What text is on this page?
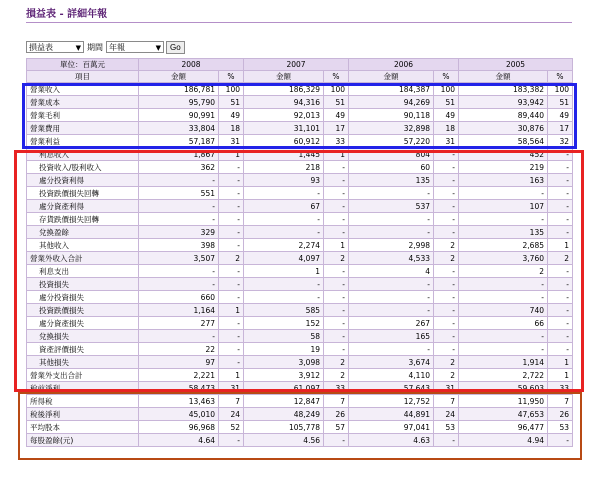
損益表 - 詳細年報
損益表	▼ 期間 年報	▼	Go
單位：百萬元	2008		2007		2006		2005	
項目	金額	%	金額	%	金額	%	金額	%
營業收入	186,781	100	186,329	100	184,387	100	183,382	100
營業成本	95,790	51	94,316	51	94,269	51	93,942	51
營業毛利	90,991	49	92,013	49	90,118	49	89,440	49
營業費用	33,804	18	31,101	17	32,898	18	30,876	17
營業利益	57,187	31	60,912	33	57,220	31	58,564	32
利息收入	1,867	1	1,445	1	804	-	452	-
投資收入/股利收入	362	-	218	-	60	-	219	-
處分投資利得	-	-	93	-	135	-	163	-
投資跌價損失回轉	551	-	-	-	-	-	-	-
處分資產利得	-	-	67	-	537	-	107	-
存貨跌價損失回轉	-	-	-	-	-	-	-	-
兌換盈餘	329	-	-	-	-	-	135	-
其他收入	398	-	2,274	1	2,998	2	2,685	1
營業外收入合計	3,507	2	4,097	2	4,533	2	3,760	2
利息支出	-	-	1	-	4	-	2	-
投資損失	-	-	-	-	-	-	-	-
處分投資損失	660	-	-	-	-	-	-	-
投資跌價損失	1,164	1	585	-	-	-	740	-
處分資產損失	277	-	152	-	267	-	66	-
兌換損失	-	-	58	-	165	-	-	-
資產評價損失	22	-	19	-	-	-	-	-
其他損失	97	-	3,098	2	3,674	2	1,914	1
營業外支出合計	2,221	1	3,912	2	4,110	2	2,722	1
稅前淨利	58,473	31	61,097	33	57,643	31	59,603	33
所得稅	13,463	7	12,847	7	12,752	7	11,950	7
稅後淨利	45,010	24	48,249	26	44,891	24	47,653	26
平均股本	96,968	52	105,778	57	97,041	53	96,477	53
每股盈餘(元)	4.64	-	4.56	-	4.63	-	4.94	-
